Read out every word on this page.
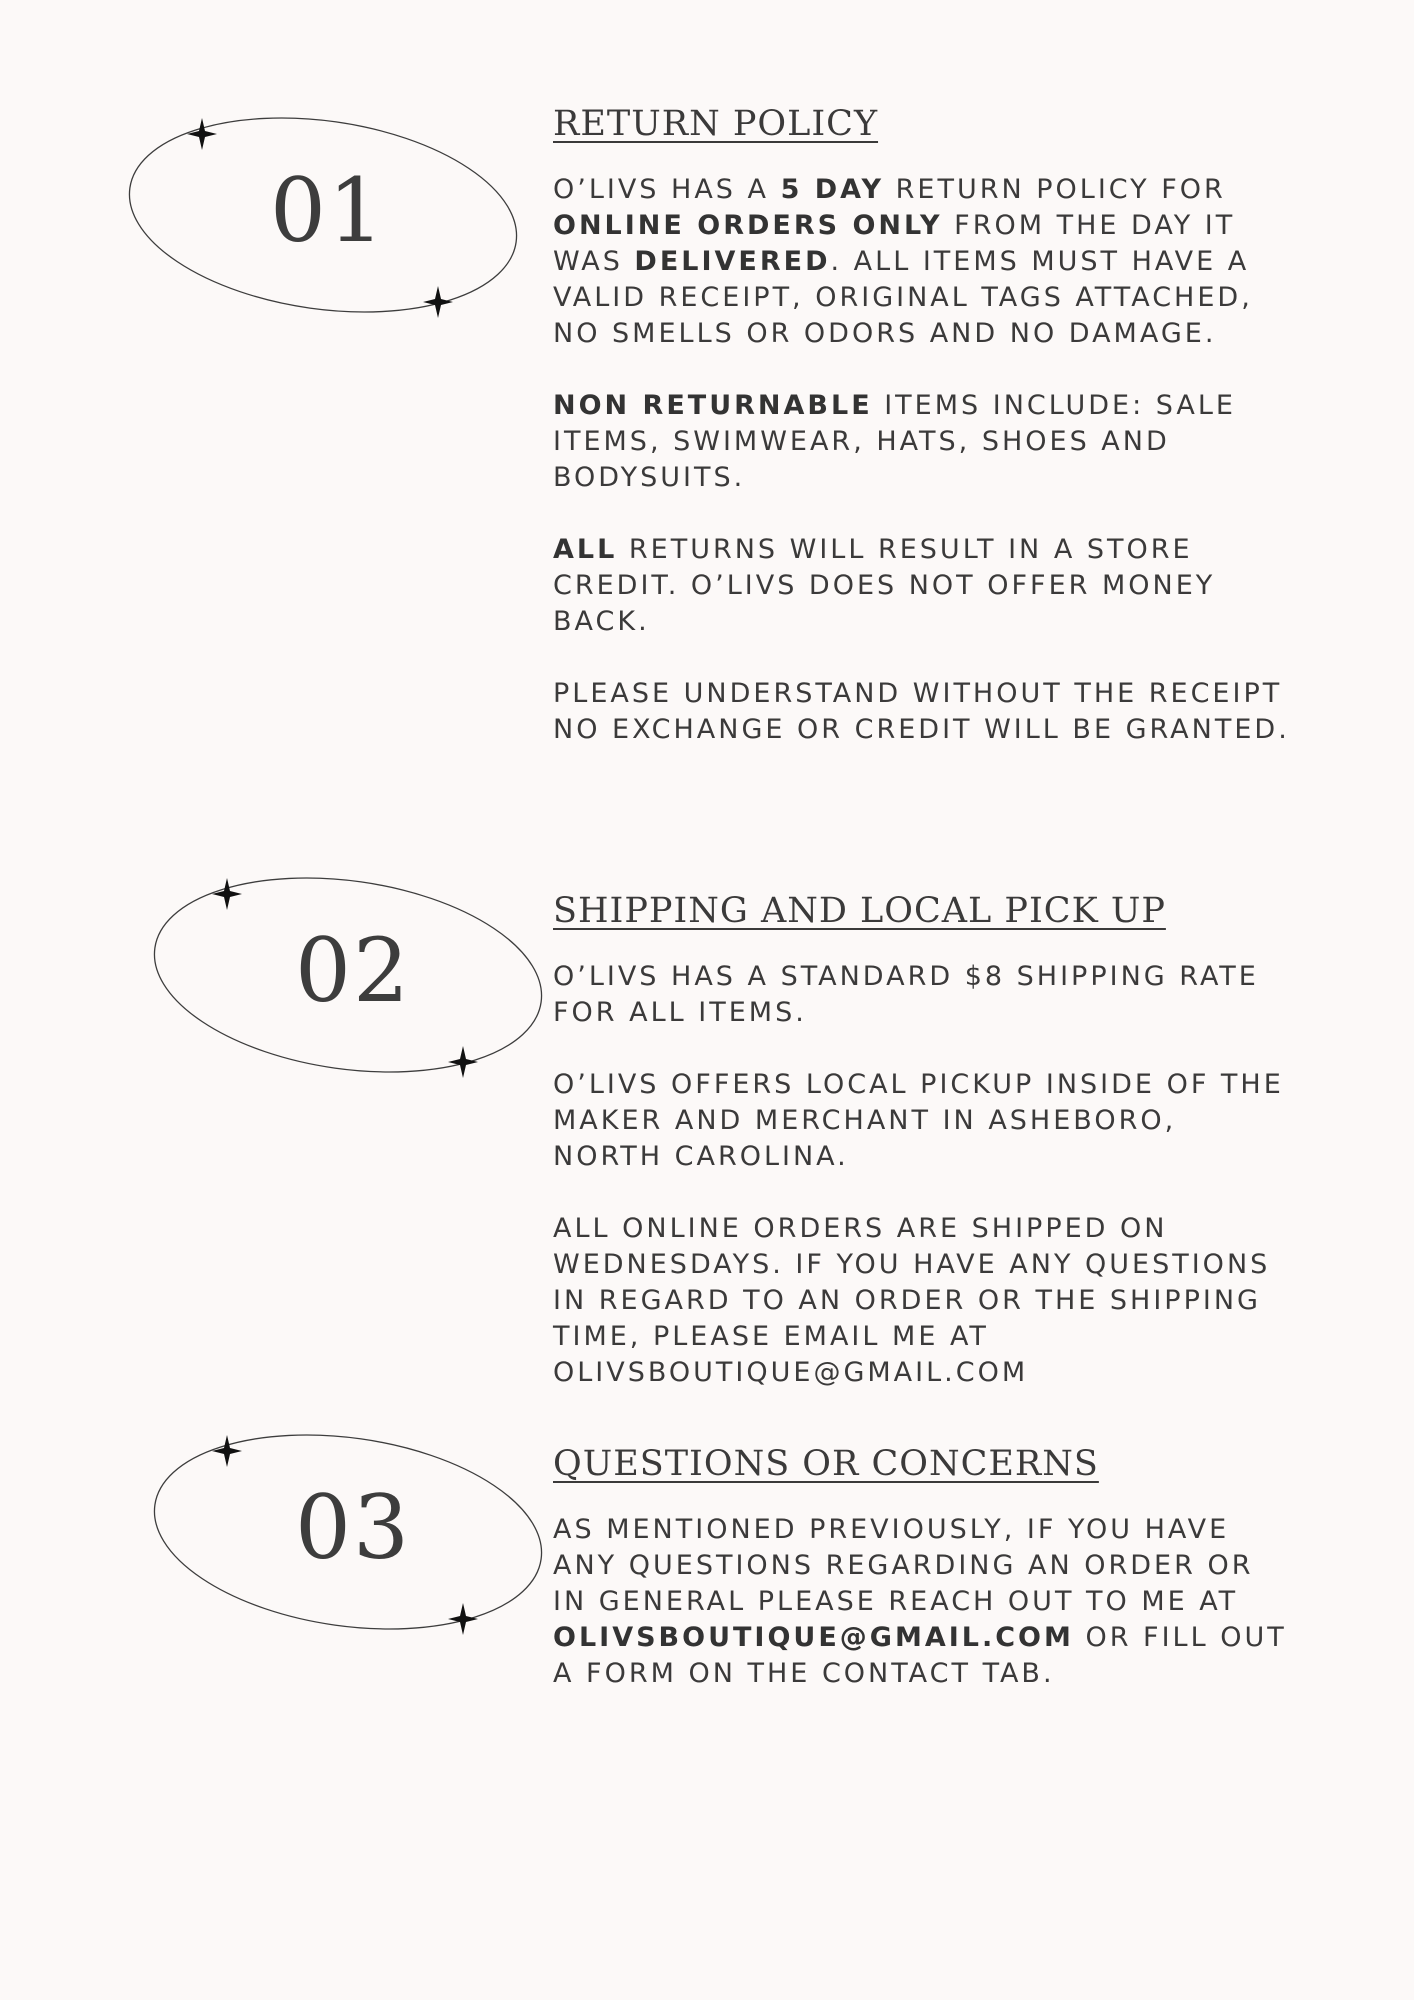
01
RETURN POLICY

O’LIVS HAS A 5 DAY RETURN POLICY FOR ONLINE ORDERS ONLY FROM THE DAY IT WAS DELIVERED. ALL ITEMS MUST HAVE A VALID RECEIPT, ORIGINAL TAGS ATTACHED, NO SMELLS OR ODORS AND NO DAMAGE.

NON RETURNABLE ITEMS INCLUDE: SALE ITEMS, SWIMWEAR, HATS, SHOES AND BODYSUITS.

ALL RETURNS WILL RESULT IN A STORE CREDIT. O’LIVS DOES NOT OFFER MONEY BACK.

PLEASE UNDERSTAND WITHOUT THE RECEIPT NO EXCHANGE OR CREDIT WILL BE GRANTED.

02
SHIPPING AND LOCAL PICK UP

O’LIVS HAS A STANDARD $8 SHIPPING RATE FOR ALL ITEMS.

O’LIVS OFFERS LOCAL PICKUP INSIDE OF THE MAKER AND MERCHANT IN ASHEBORO, NORTH CAROLINA.

ALL ONLINE ORDERS ARE SHIPPED ON WEDNESDAYS. IF YOU HAVE ANY QUESTIONS IN REGARD TO AN ORDER OR THE SHIPPING TIME, PLEASE EMAIL ME AT OLIVSBOUTIQUE@GMAIL.COM

03
QUESTIONS OR CONCERNS

AS MENTIONED PREVIOUSLY, IF YOU HAVE ANY QUESTIONS REGARDING AN ORDER OR IN GENERAL PLEASE REACH OUT TO ME AT OLIVSBOUTIQUE@GMAIL.COM OR FILL OUT A FORM ON THE CONTACT TAB.
